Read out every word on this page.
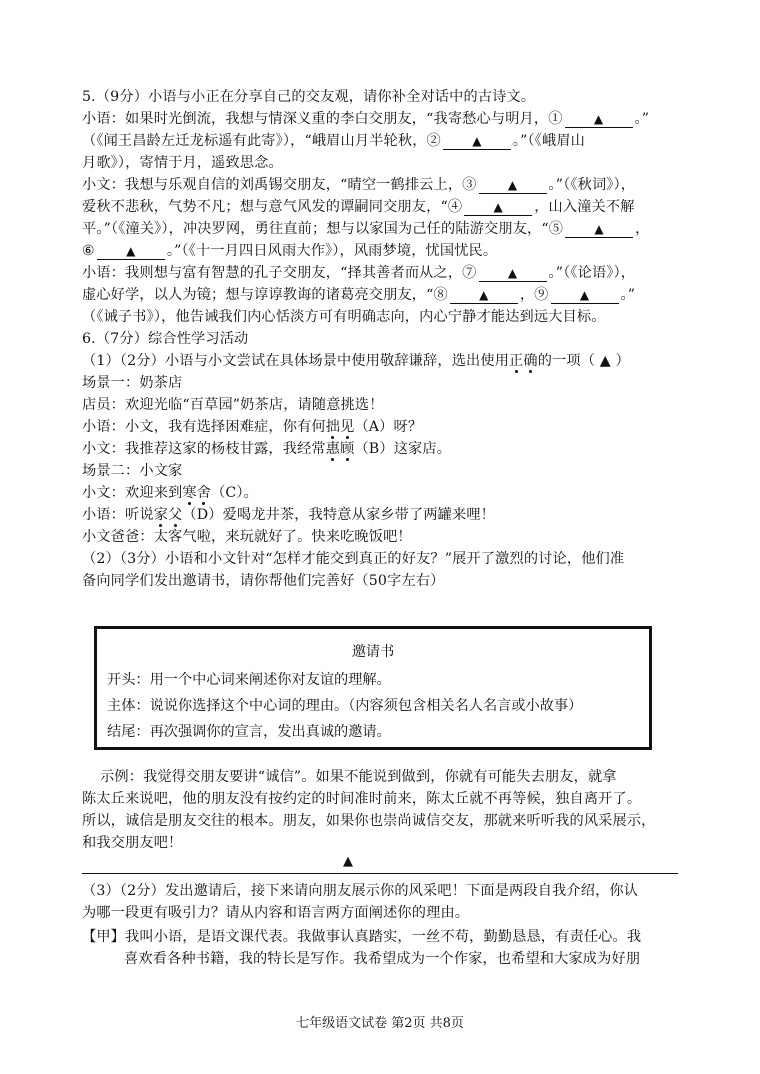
5.（9分）小语与小正在分享自己的交友观，请你补全对话中的古诗文。
小语：如果时光倒流，我想与情深义重的李白交朋友，“我寄愁心与明月，①	▲ 。”
（《闻王昌龄左迁龙标遥有此寄》），“峨眉山月半轮秋，②	▲ 。”（《峨眉山
月歌》），寄情于月，遥致思念。
小文：我想与乐观自信的刘禹锡交朋友，“晴空一鹤排云上，③	▲ 。”（《秋词》），
爱秋不悲秋，气势不凡；想与意气风发的谭嗣同交朋友，“④	▲ ，山入潼关不解
平。”（《潼关》），冲决罗网，勇往直前；想与以家国为己任的陆游交朋友，“⑤	▲ ，
⑥	▲ 。”（《十一月四日风雨大作》），风雨梦境，忧国忧民。
小语：我则想与富有智慧的孔子交朋友，“择其善者而从之，⑦	▲ 。”（《论语》），
虚心好学，以人为镜；想与谆谆教诲的诸葛亮交朋友，“⑧	▲ ，⑨	▲ 。”
（《诫子书》），他告诫我们内心恬淡方可有明确志向，内心宁静才能达到远大目标。
6.（7分）综合性学习活动
（1）（2分）小语与小文尝试在具体场景中使用敬辞谦辞，选出使用正确的一项（ ▲ ）
场景一：奶茶店
店员：欢迎光临“百草园”奶茶店，请随意挑选！
小语：小文，我有选择困难症，你有何拙见（A）呀？
小文：我推荐这家的杨枝甘露，我经常惠顾（B）这家店。
场景二：小文家
小文：欢迎来到寒舍（C）。
小语：听说家父（D）爱喝龙井茶，我特意从家乡带了两罐来哩！
小文爸爸：太客气啦，来玩就好了。快来吃晚饭吧！
（2）（3分）小语和小文针对“怎样才能交到真正的好友？”展开了激烈的讨论，他们准
备向同学们发出邀请书，请你帮他们完善好（50字左右）
邀请书
开头：用一个中心词来阐述你对友谊的理解。
主体：说说你选择这个中心词的理由。（内容须包含相关名人名言或小故事）
结尾：再次强调你的宣言，发出真诚的邀请。
示例：我觉得交朋友要讲“诚信”。如果不能说到做到，你就有可能失去朋友，就拿
陈太丘来说吧，他的朋友没有按约定的时间准时前来，陈太丘就不再等候，独自离开了。
所以，诚信是朋友交往的根本。朋友，如果你也崇尚诚信交友，那就来听听我的风采展示，
和我交朋友吧！
▲
（3）（2分）发出邀请后，接下来请向朋友展示你的风采吧！下面是两段自我介绍，你认
为哪一段更有吸引力？请从内容和语言两方面阐述你的理由。
【甲】我叫小语，是语文课代表。我做事认真踏实，一丝不苟，勤勤恳恳，有责任心。我
喜欢看各种书籍，我的特长是写作。我希望成为一个作家，也希望和大家成为好朋
七年级语文试卷 第2页 共8页
